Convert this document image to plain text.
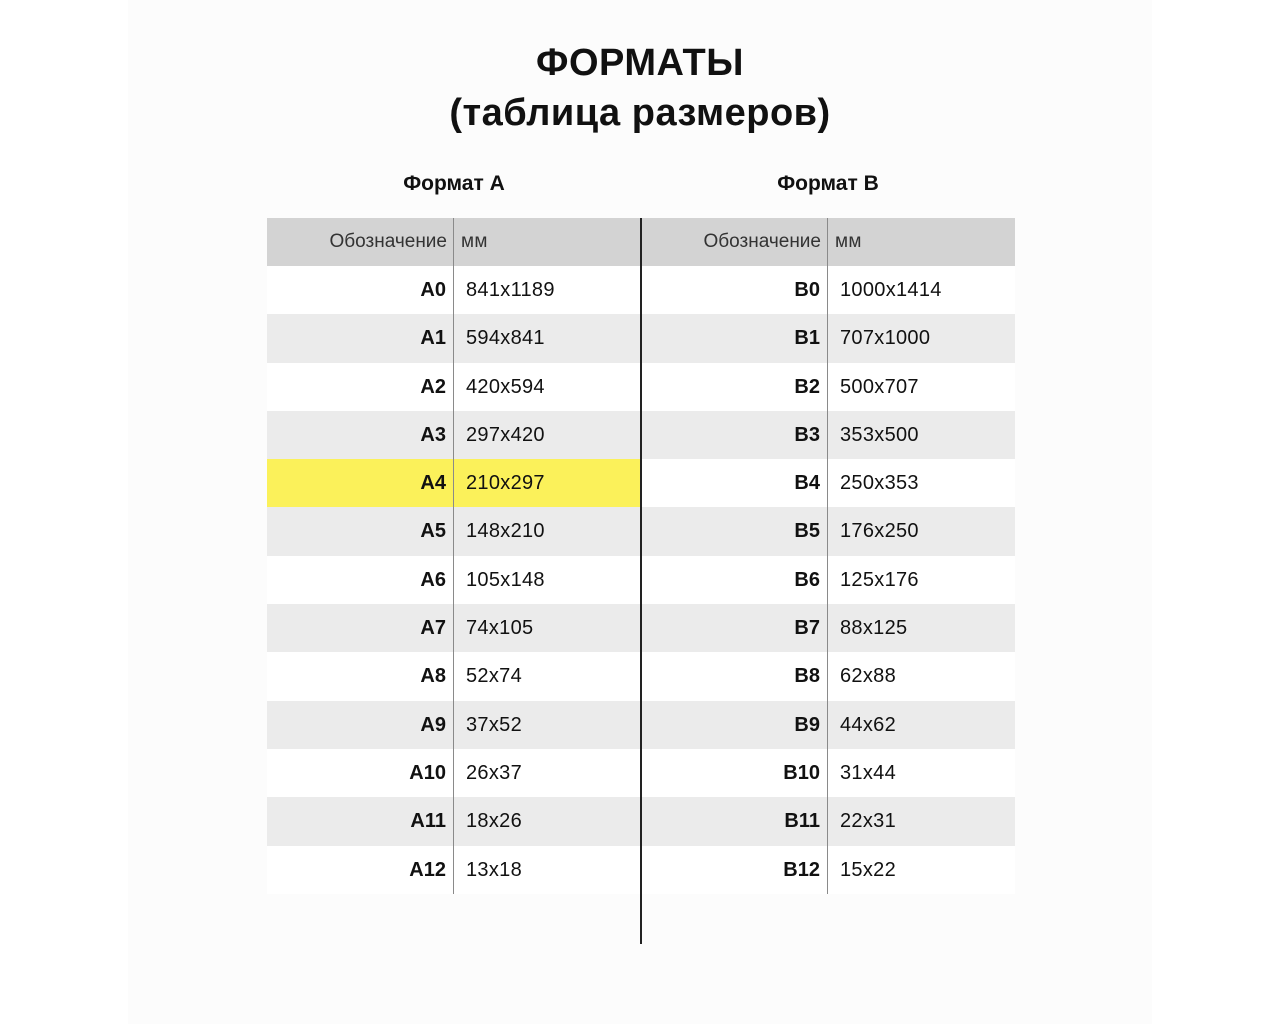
ФОРМАТЫ
(таблица размеров)
Формат A	Формат B
Обозначение мм	Обозначение мм
A0	841x1189	B0	1000x1414
A1	594x841	B1	707x1000
A2	420x594	B2	500x707
A3	297x420	B3	353x500
A4	210x297	B4	250x353
A5	148x210	B5	176x250
A6	105x148	B6	125x176
A7	74x105	B7	88x125
A8	52x74	B8	62x88
A9	37x52	B9	44x62
A10	26x37	B10	31x44
A11	18x26	B11	22x31
A12	13x18	B12	15x22
